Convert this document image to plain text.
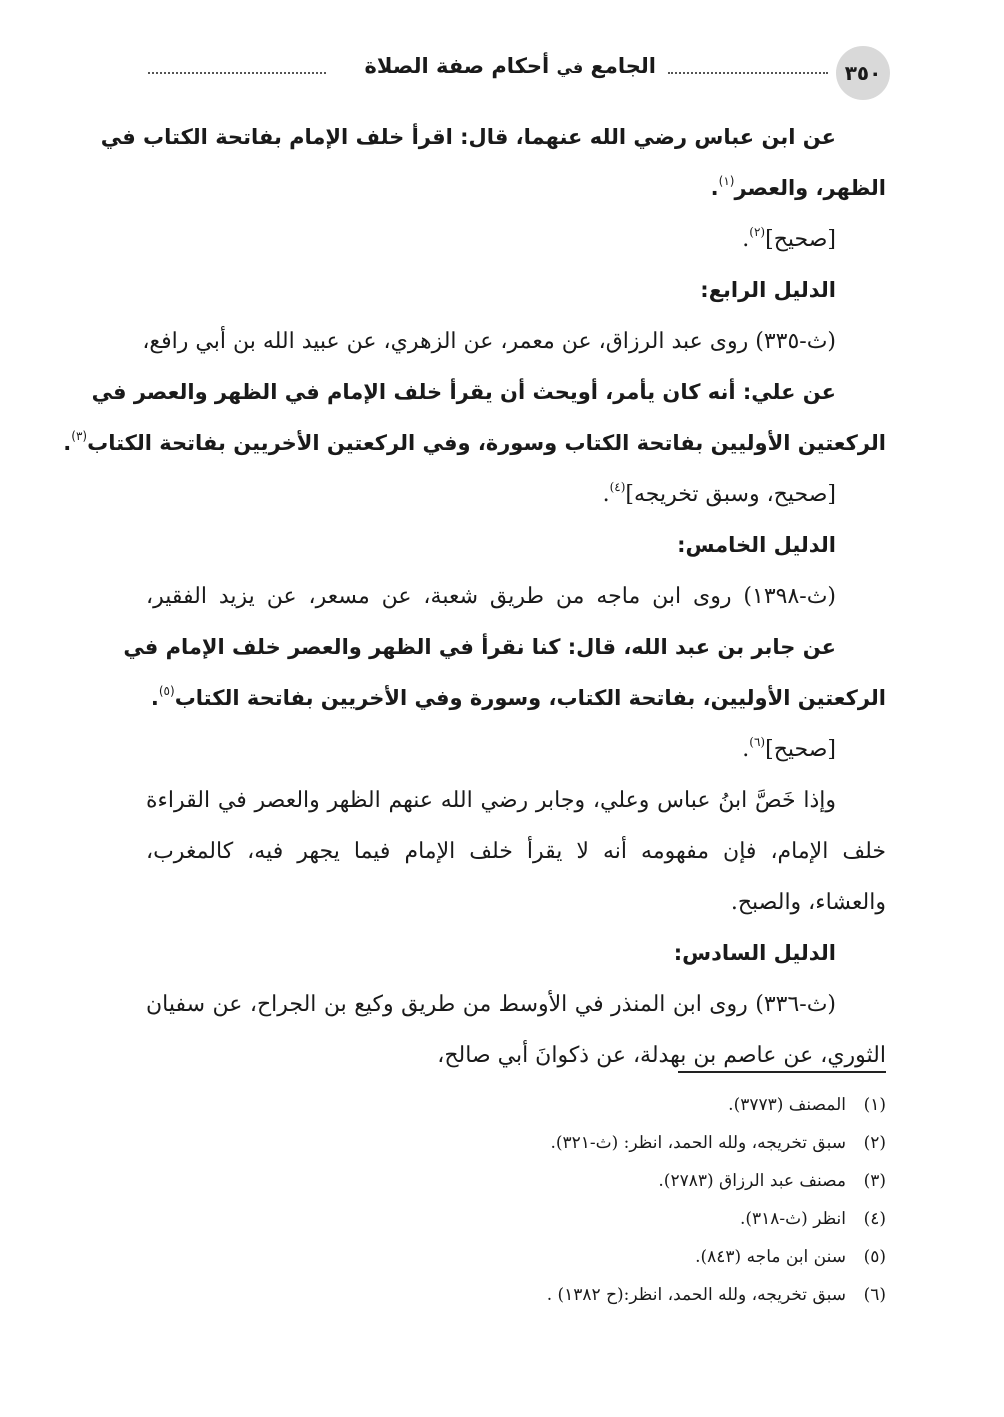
٣٥٠
الجامع في أحكام صفة الصلاة
عن ابن عباس رضي الله عنهما، قال: اقرأ خلف الإمام بفاتحة الكتاب في
الظهر، والعصر$^{(١)}$.
[صحيح]$^{(٢)}$.
الدليل الرابع:
(ث-٣٣٥) روى عبد الرزاق، عن معمر، عن الزهري، عن عبيد الله بن أبي رافع،
عن علي: أنه كان يأمر، أويحث أن يقرأ خلف الإمام في الظهر والعصر في
الركعتين الأوليين بفاتحة الكتاب وسورة، وفي الركعتين الأخريين بفاتحة الكتاب$^{(٣)}$.
[صحيح، وسبق تخريجه]$^{(٤)}$.
الدليل الخامس:
(ث-١٣٩٨) روى ابن ماجه من طريق شعبة، عن مسعر، عن يزيد الفقير،
عن جابر بن عبد الله، قال: كنا نقرأ في الظهر والعصر خلف الإمام في
الركعتين الأوليين، بفاتحة الكتاب، وسورة وفي الأخريين بفاتحة الكتاب$^{(٥)}$.
[صحيح]$^{(٦)}$.
وإذا خَصَّ ابنُ عباس وعلي، وجابر رضي الله عنهم الظهر والعصر في القراءة
خلف الإمام، فإن مفهومه أنه لا يقرأ خلف الإمام فيما يجهر فيه، كالمغرب،
والعشاء، والصبح.
الدليل السادس:
(ث-٣٣٦) روى ابن المنذر في الأوسط من طريق وكيع بن الجراح، عن سفيان
الثوري، عن عاصم بن بهدلة، عن ذكوانَ أبي صالح،
(١)المصنف (٣٧٧٣).
(٢)سبق تخريجه، ولله الحمد، انظر: (ث-٣٢١).
(٣)مصنف عبد الرزاق (٢٧٨٣).
(٤)انظر (ث-٣١٨).
(٥)سنن ابن ماجه (٨٤٣).
(٦)سبق تخريجه، ولله الحمد، انظر:(ح ١٣٨٢) .
